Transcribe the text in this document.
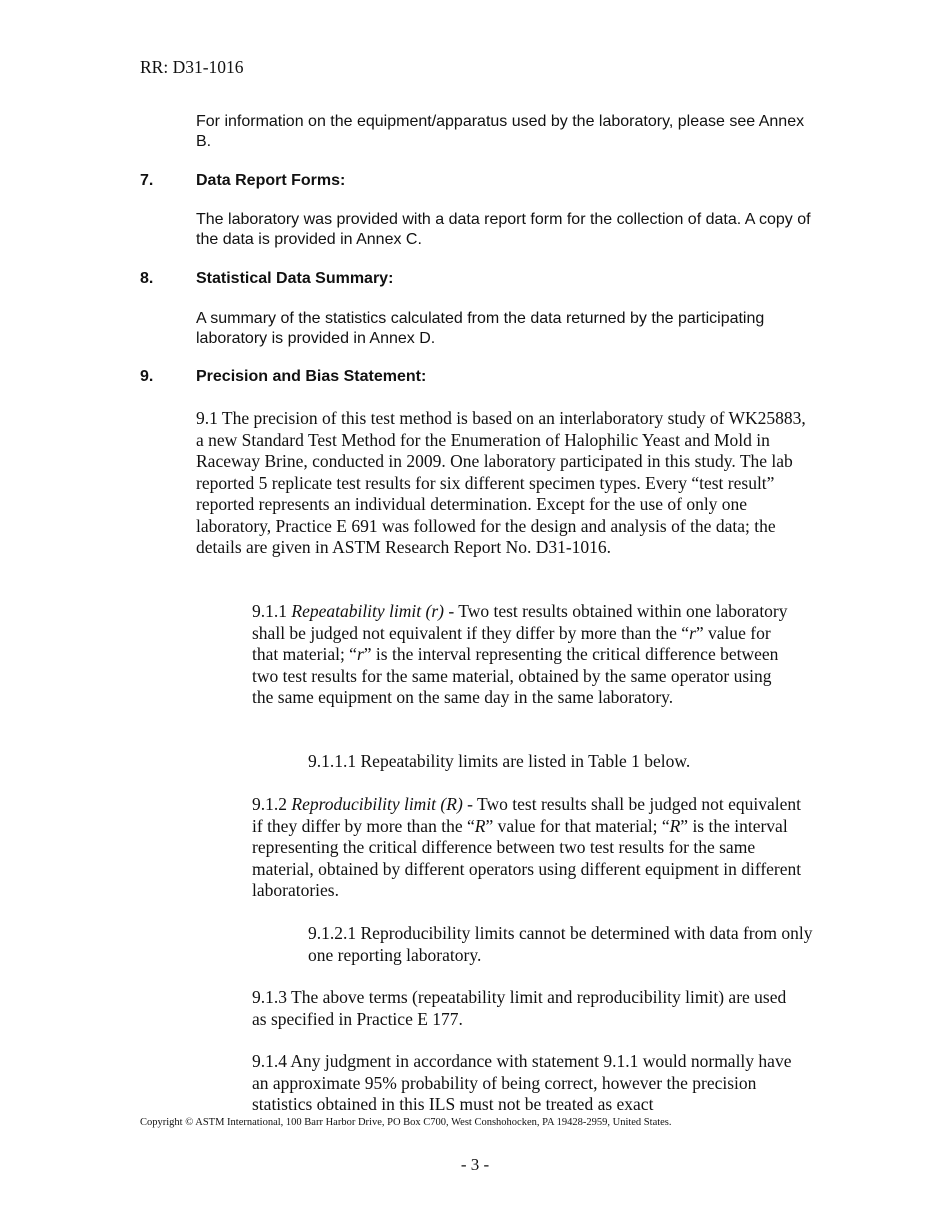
RR: D31-1016
For information on the equipment/apparatus used by the laboratory, please see Annex B.
7.	Data Report Forms:
The laboratory was provided with a data report form for the collection of data. A copy of the data is provided in Annex C.
8.	Statistical Data Summary:
A summary of the statistics calculated from the data returned by the participating laboratory is provided in Annex D.
9.	Precision and Bias Statement:
9.1 The precision of this test method is based on an interlaboratory study of WK25883, a new Standard Test Method for the Enumeration of Halophilic Yeast and Mold in Raceway Brine, conducted in 2009. One laboratory participated in this study. The lab reported 5 replicate test results for six different specimen types. Every “test result” reported represents an individual determination. Except for the use of only one laboratory, Practice E 691 was followed for the design and analysis of the data; the details are given in ASTM Research Report No. D31-1016.
9.1.1 Repeatability limit (r) - Two test results obtained within one laboratory shall be judged not equivalent if they differ by more than the “r” value for that material; “r” is the interval representing the critical difference between two test results for the same material, obtained by the same operator using the same equipment on the same day in the same laboratory.
9.1.1.1 Repeatability limits are listed in Table 1 below.
9.1.2 Reproducibility limit (R) - Two test results shall be judged not equivalent if they differ by more than the “R” value for that material; “R” is the interval representing the critical difference between two test results for the same material, obtained by different operators using different equipment in different laboratories.
9.1.2.1 Reproducibility limits cannot be determined with data from only one reporting laboratory.
9.1.3 The above terms (repeatability limit and reproducibility limit) are used as specified in Practice E 177.
9.1.4 Any judgment in accordance with statement 9.1.1 would normally have an approximate 95% probability of being correct, however the precision statistics obtained in this ILS must not be treated as exact
Copyright © ASTM International, 100 Barr Harbor Drive, PO Box C700, West Conshohocken, PA 19428-2959, United States.
- 3 -
